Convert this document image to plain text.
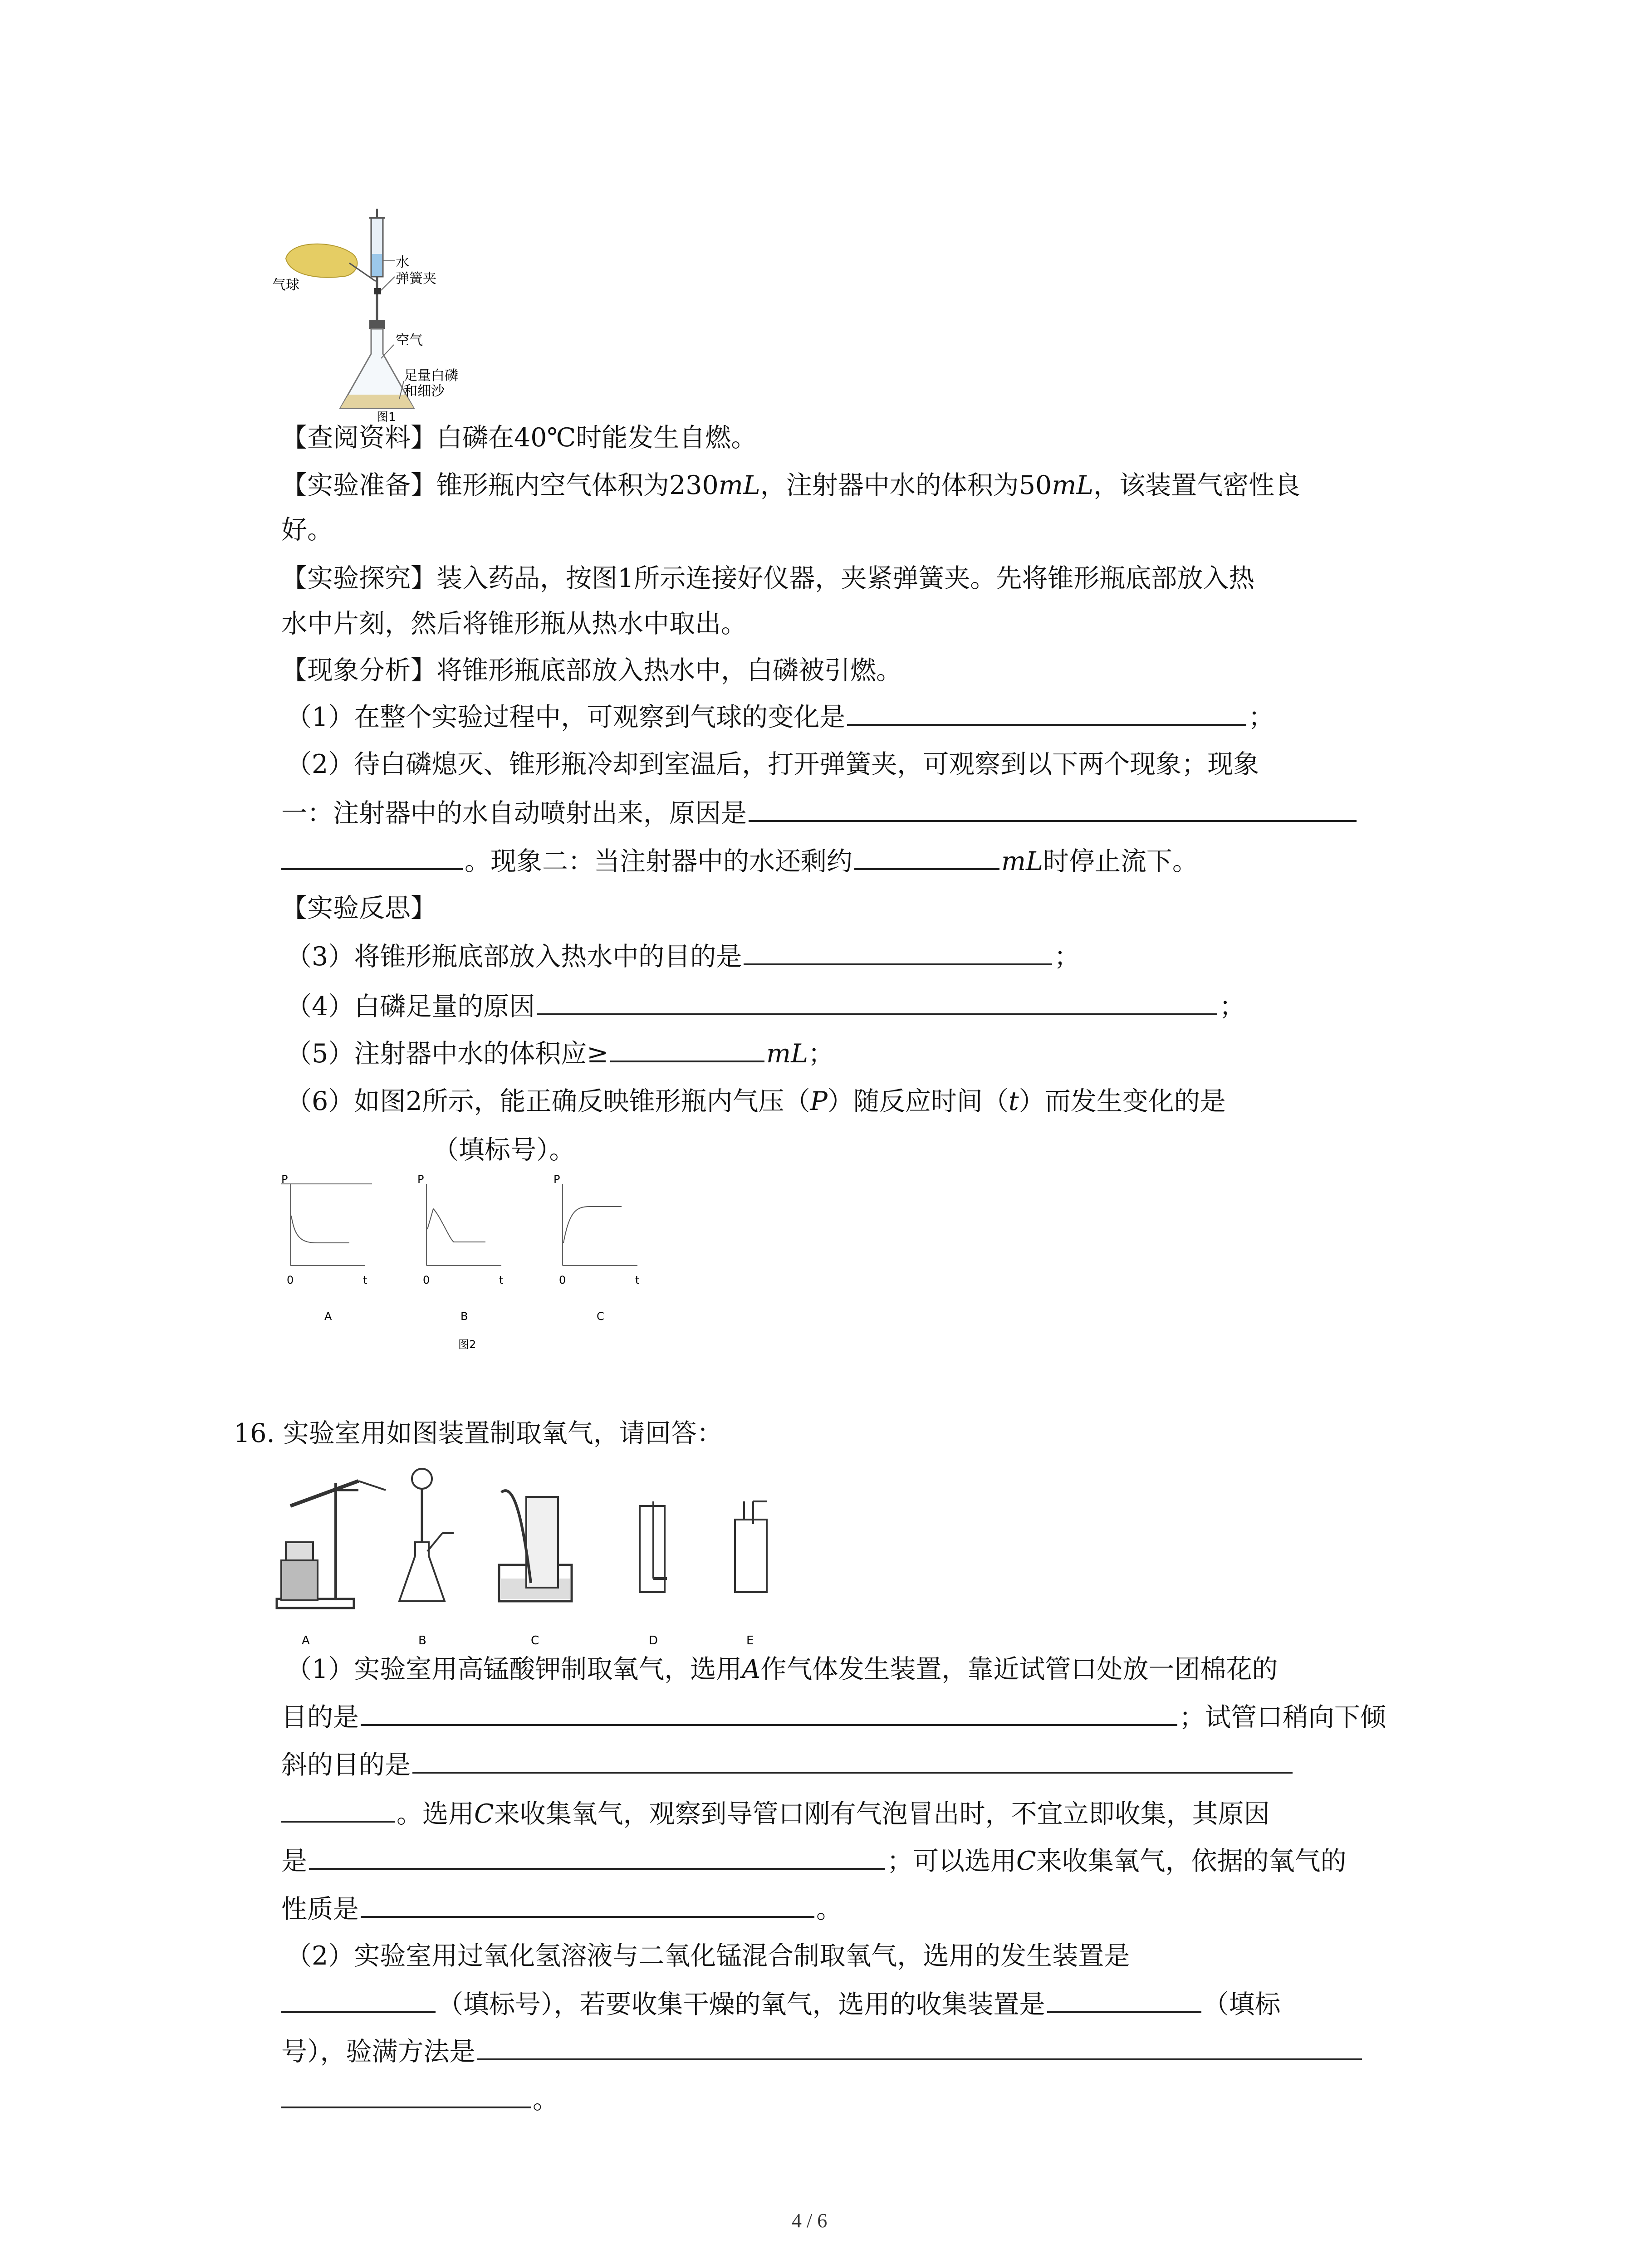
水
弹簧夹
气球
空气
足量白磷
和细沙
图1
【查阅资料】白磷在40℃时能发生自燃。
【实验准备】锥形瓶内空气体积为230mL，注射器中水的体积为50mL，该装置气密性良
好。
【实验探究】装入药品，按图1所示连接好仪器，夹紧弹簧夹。先将锥形瓶底部放入热
水中片刻，然后将锥形瓶从热水中取出。
【现象分析】将锥形瓶底部放入热水中，白磷被引燃。
（1）在整个实验过程中，可观察到气球的变化是	；
（2）待白磷熄灭、锥形瓶冷却到室温后，打开弹簧夹，可观察到以下两个现象；现象
一：注射器中的水自动喷射出来，原因是
。现象二：当注射器中的水还剩约	mL时停止流下。
【实验反思】
（3）将锥形瓶底部放入热水中的目的是	；
（4）白磷足量的原因	；
（5）注射器中水的体积应≥	mL；
（6）如图2所示，能正确反映锥形瓶内气压（P）随反应时间（t）而发生变化的是
（填标号）。
P
t
0
A
P
t
0
B
P
t
0
C
图2
16. 实验室用如图装置制取氧气，请回答：
A	B	C	D	E
（1）实验室用高锰酸钾制取氧气，选用A作气体发生装置，靠近试管口处放一团棉花的
目的是	；试管口稍向下倾
斜的目的是
。选用C来收集氧气，观察到导管口刚有气泡冒出时，不宜立即收集，其原因
是	；可以选用C来收集氧气，依据的氧气的
性质是	。
（2）实验室用过氧化氢溶液与二氧化锰混合制取氧气，选用的发生装置是
（填标号），若要收集干燥的氧气，选用的收集装置是	（填标
号），验满方法是
。
4 / 6
